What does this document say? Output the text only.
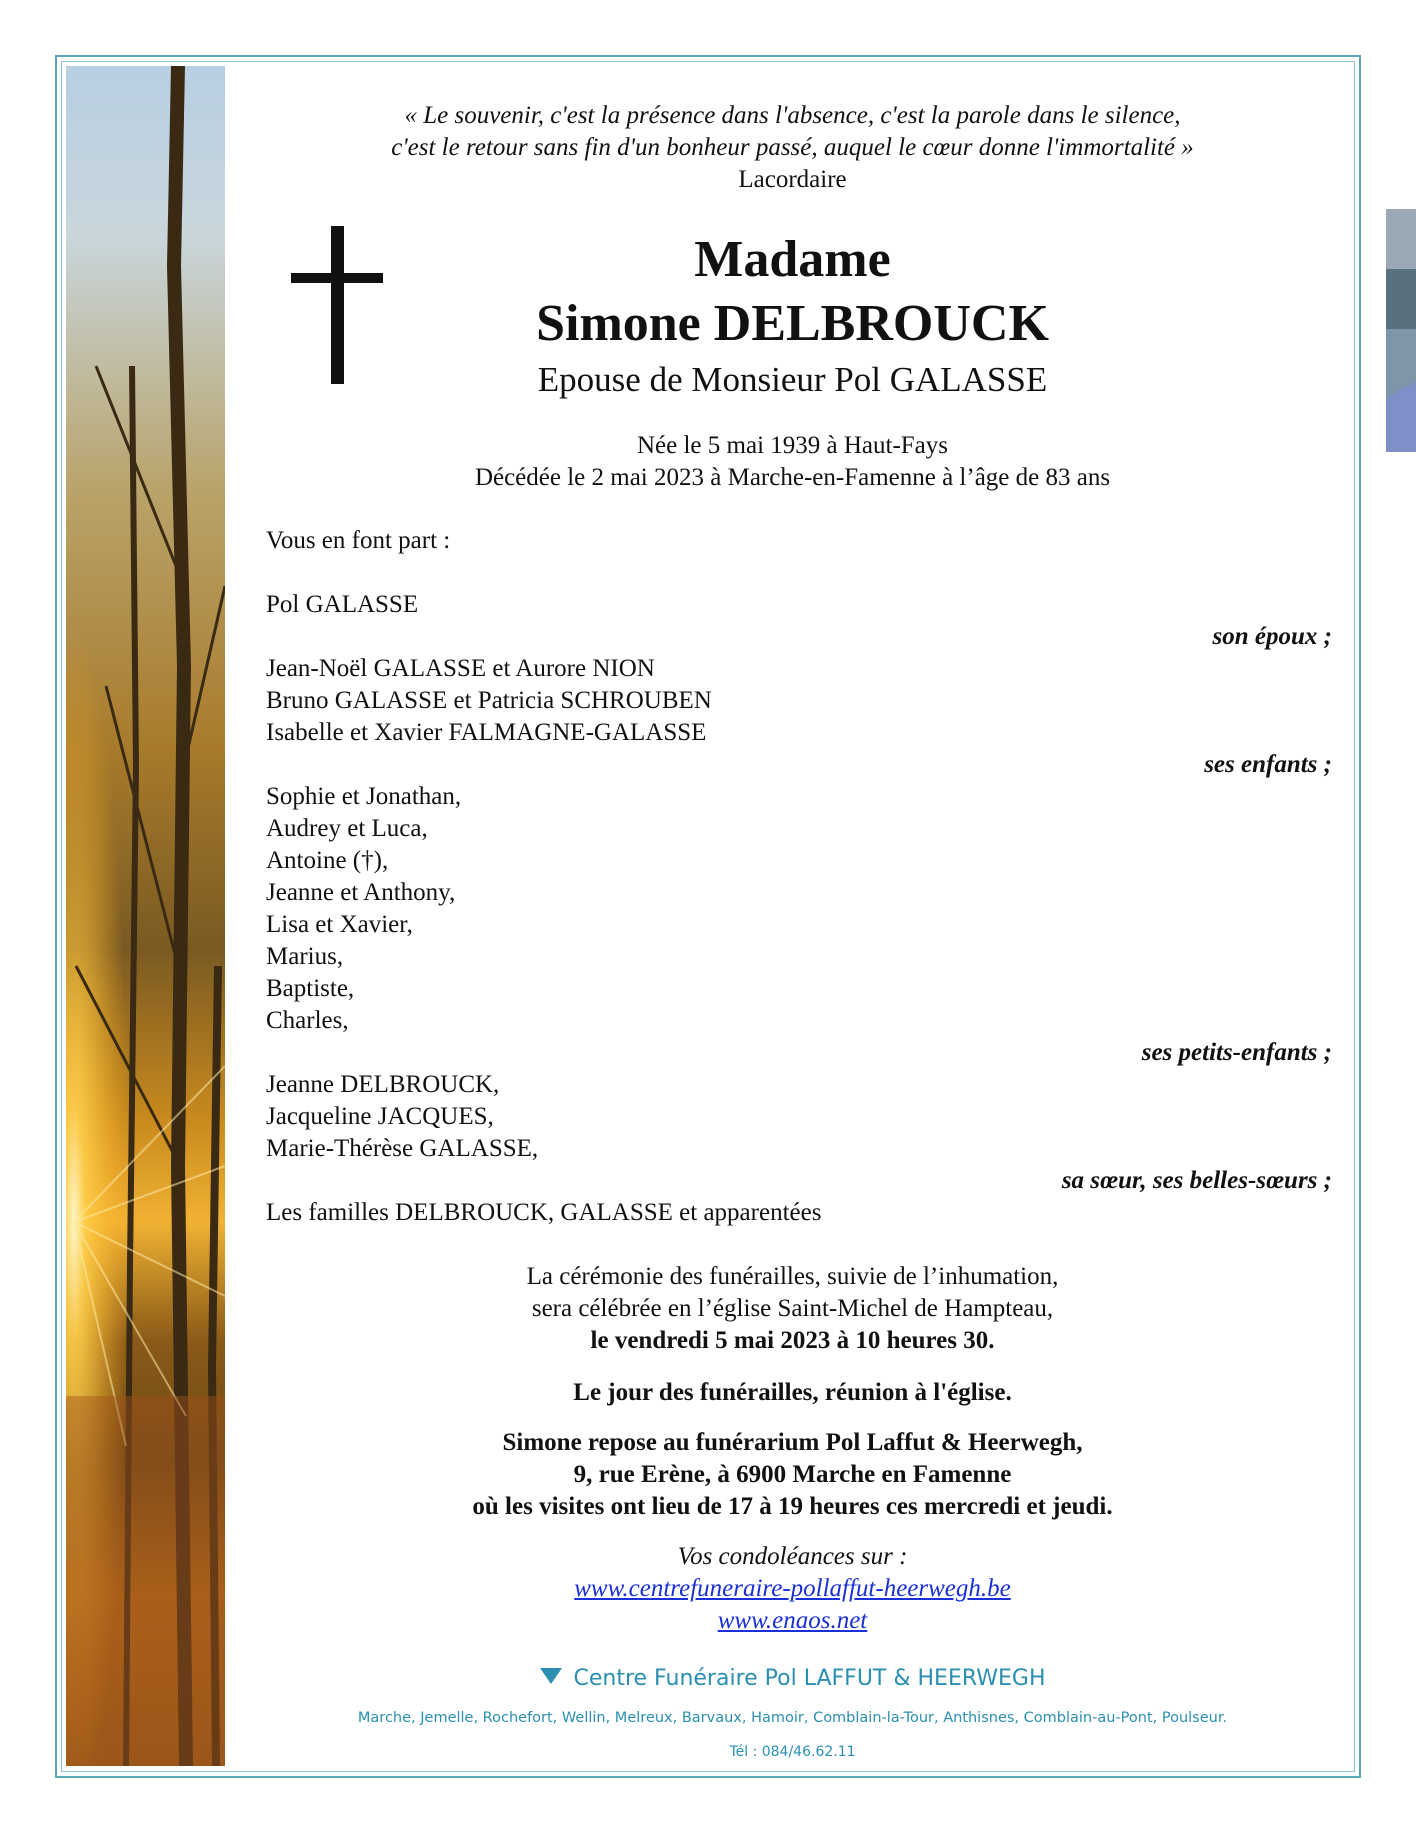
« Le souvenir, c'est la présence dans l'absence, c'est la parole dans le silence,
c'est le retour sans fin d'un bonheur passé, auquel le cœur donne l'immortalité »
Lacordaire
Madame
Simone DELBROUCK
Epouse de Monsieur Pol GALASSE
Née le 5 mai 1939 à Haut-Fays
Décédée le 2 mai 2023 à Marche-en-Famenne à l’âge de 83 ans
Vous en font part :
Pol GALASSE
son époux ;
Jean-Noël GALASSE et Aurore NION
Bruno GALASSE et Patricia SCHROUBEN
Isabelle et Xavier FALMAGNE-GALASSE
ses enfants ;
Sophie et Jonathan,
Audrey et Luca,
Antoine (†),
Jeanne et Anthony,
Lisa et Xavier,
Marius,
Baptiste,
Charles,
ses petits-enfants ;
Jeanne DELBROUCK,
Jacqueline JACQUES,
Marie-Thérèse GALASSE,
sa sœur, ses belles-sœurs ;
Les familles DELBROUCK, GALASSE et apparentées
La cérémonie des funérailles, suivie de l’inhumation,
sera célébrée en l’église Saint-Michel de Hampteau,
le vendredi 5 mai 2023 à 10 heures 30.
Le jour des funérailles, réunion à l'église.
Simone repose au funérarium Pol Laffut & Heerwegh,
9, rue Erène, à 6900 Marche en Famenne
où les visites ont lieu de 17 à 19 heures ces mercredi et jeudi.
Vos condoléances sur :
www.centrefuneraire-pollaffut-heerwegh.be
www.enaos.net
Centre Funéraire Pol LAFFUT & HEERWEGH
Marche, Jemelle, Rochefort, Wellin, Melreux, Barvaux, Hamoir, Comblain-la-Tour, Anthisnes, Comblain-au-Pont, Poulseur.
Tél : 084/46.62.11
